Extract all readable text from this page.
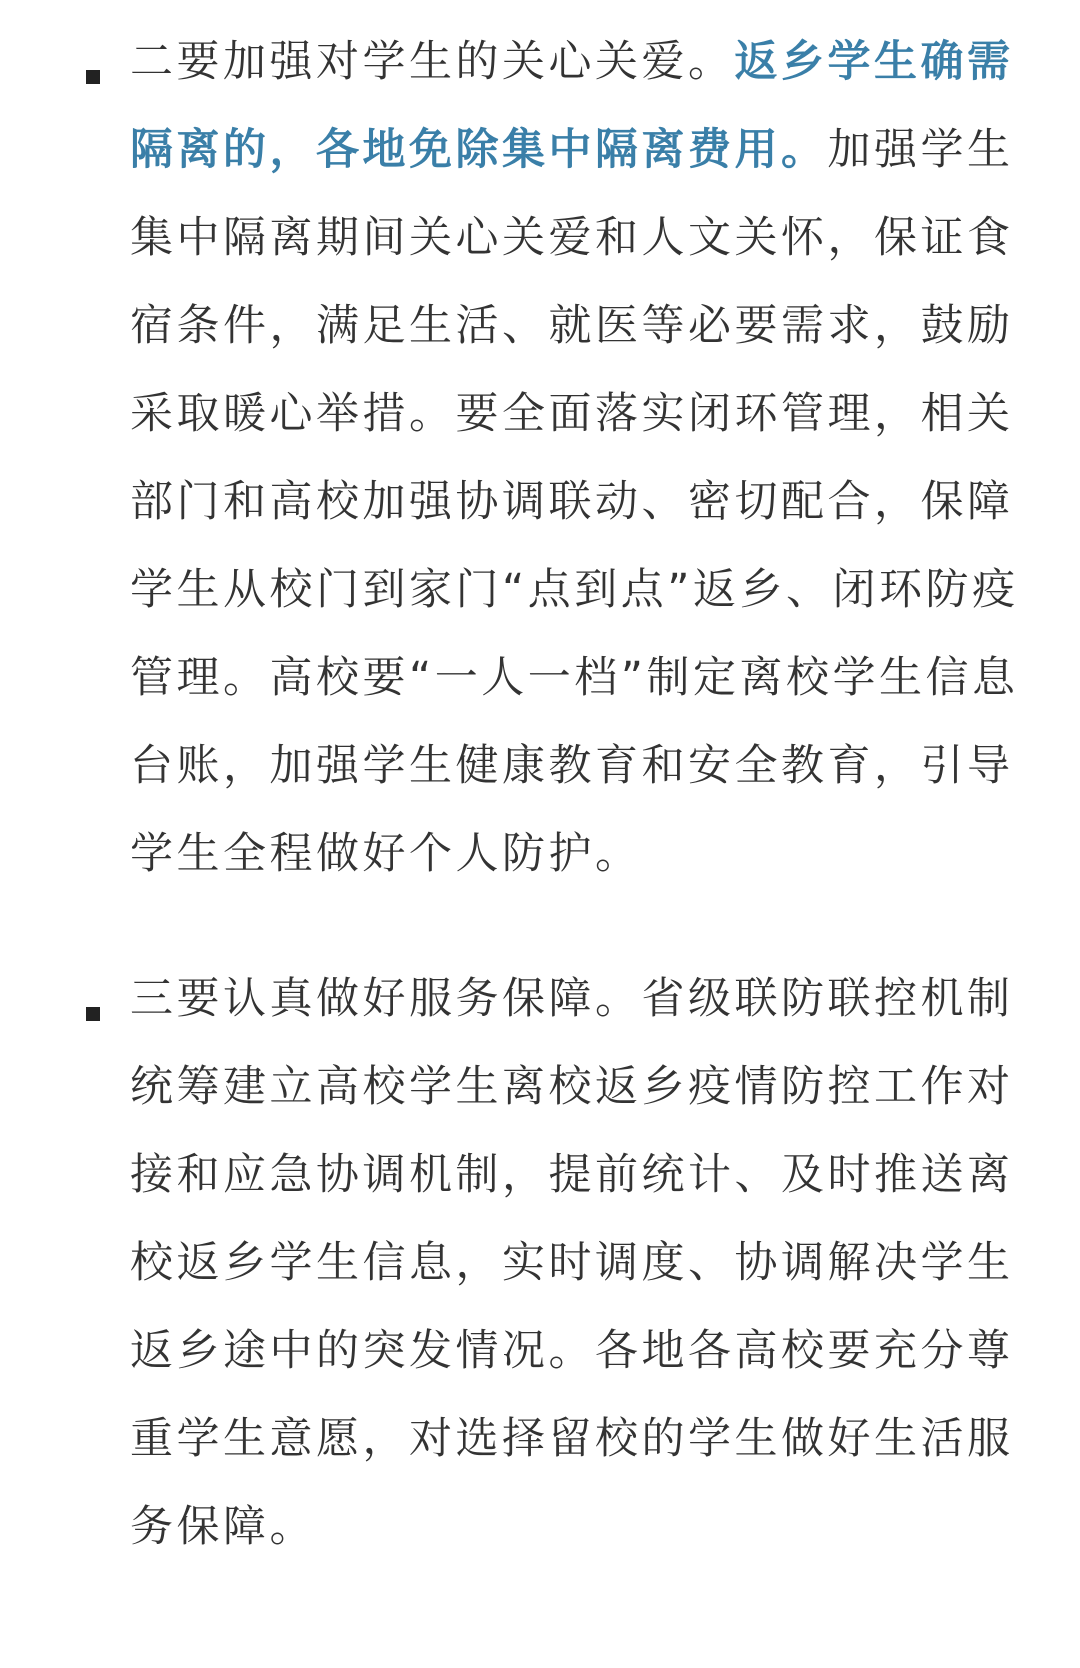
二要加强对学生的关心关爱。返乡学生确需隔离的，各地免除集中隔离费用。加强学生集中隔离期间关心关爱和人文关怀，保证食宿条件，满足生活、就医等必要需求，鼓励采取暖心举措。要全面落实闭环管理，相关部门和高校加强协调联动、密切配合，保障学生从校门到家门“点到点”返乡、闭环防疫管理。高校要“一人一档”制定离校学生信息台账，加强学生健康教育和安全教育，引导学生全程做好个人防护。

三要认真做好服务保障。省级联防联控机制统筹建立高校学生离校返乡疫情防控工作对接和应急协调机制，提前统计、及时推送离校返乡学生信息，实时调度、协调解决学生返乡途中的突发情况。各地各高校要充分尊重学生意愿，对选择留校的学生做好生活服务保障。
